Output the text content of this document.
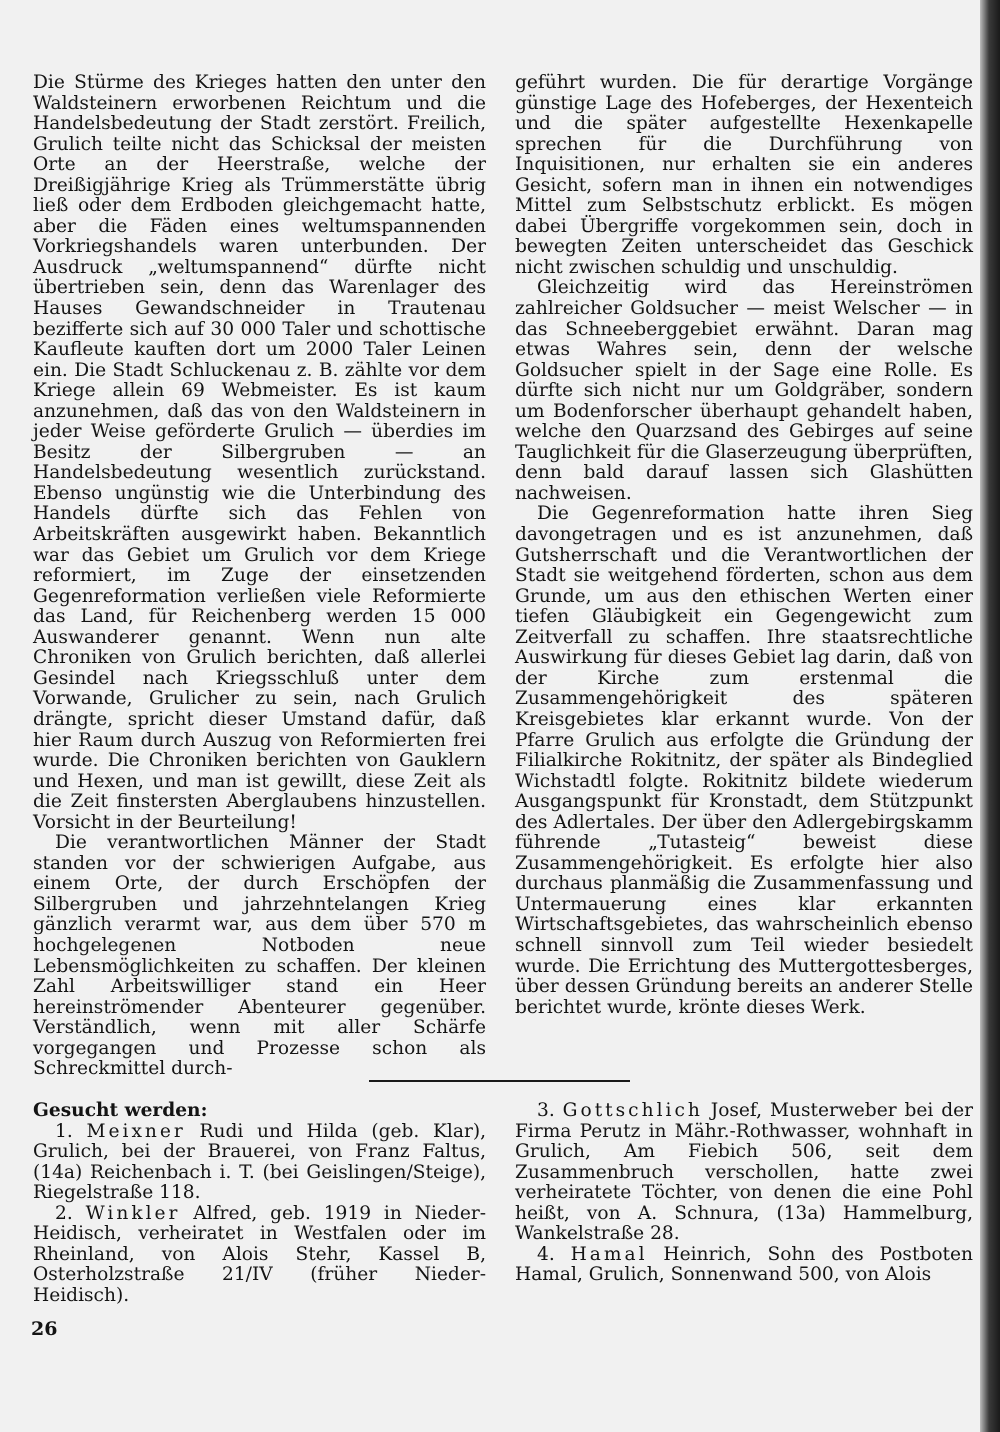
Die Stürme des Krieges hatten den unter den Waldsteinern erworbenen Reichtum und die Handelsbedeutung der Stadt zerstört. Freilich, Grulich teilte nicht das Schicksal der meisten Orte an der Heerstraße, welche der Dreißigjährige Krieg als Trümmerstätte übrig ließ oder dem Erdboden gleichgemacht hatte, aber die Fäden eines weltumspannenden Vorkriegshandels waren unterbunden. Der Ausdruck „weltumspannend“ dürfte nicht übertrieben sein, denn das Warenlager des Hauses Gewandschneider in Trautenau bezifferte sich auf 30 000 Taler und schottische Kaufleute kauften dort um 2000 Taler Leinen ein. Die Stadt Schluckenau z. B. zählte vor dem Kriege allein 69 Webmeister. Es ist kaum anzunehmen, daß das von den Waldsteinern in jeder Weise geförderte Grulich — überdies im Besitz der Silbergruben — an Handelsbedeutung wesentlich zurückstand. Ebenso ungünstig wie die Unterbindung des Handels dürfte sich das Fehlen von Arbeitskräften ausgewirkt haben. Bekanntlich war das Gebiet um Grulich vor dem Kriege reformiert, im Zuge der einsetzenden Gegenreformation verließen viele Reformierte das Land, für Reichenberg werden 15 000 Auswanderer genannt. Wenn nun alte Chroniken von Grulich berichten, daß allerlei Gesindel nach Kriegsschluß unter dem Vorwande, Grulicher zu sein, nach Grulich drängte, spricht dieser Umstand dafür, daß hier Raum durch Auszug von Reformierten frei wurde. Die Chroniken berichten von Gauklern und Hexen, und man ist gewillt, diese Zeit als die Zeit finstersten Aberglaubens hinzustellen. Vorsicht in der Beurteilung!

Die verantwortlichen Männer der Stadt standen vor der schwierigen Aufgabe, aus einem Orte, der durch Erschöpfen der Silbergruben und jahrzehntelangen Krieg gänzlich verarmt war, aus dem über 570 m hochgelegenen Notboden neue Lebensmöglichkeiten zu schaffen. Der kleinen Zahl Arbeitswilliger stand ein Heer hereinströmender Abenteurer gegenüber. Verständlich, wenn mit aller Schärfe vorgegangen und Prozesse schon als Schreckmittel durch-

geführt wurden. Die für derartige Vorgänge günstige Lage des Hofeberges, der Hexenteich und die später aufgestellte Hexenkapelle sprechen für die Durchführung von Inquisitionen, nur erhalten sie ein anderes Gesicht, sofern man in ihnen ein notwendiges Mittel zum Selbstschutz erblickt. Es mögen dabei Übergriffe vorgekommen sein, doch in bewegten Zeiten unterscheidet das Geschick nicht zwischen schuldig und unschuldig.

Gleichzeitig wird das Hereinströmen zahlreicher Goldsucher — meist Welscher — in das Schneeberggebiet erwähnt. Daran mag etwas Wahres sein, denn der welsche Goldsucher spielt in der Sage eine Rolle. Es dürfte sich nicht nur um Goldgräber, sondern um Bodenforscher überhaupt gehandelt haben, welche den Quarzsand des Gebirges auf seine Tauglichkeit für die Glaserzeugung überprüften, denn bald darauf lassen sich Glashütten nachweisen.

Die Gegenreformation hatte ihren Sieg davongetragen und es ist anzunehmen, daß Gutsherrschaft und die Verantwortlichen der Stadt sie weitgehend förderten, schon aus dem Grunde, um aus den ethischen Werten einer tiefen Gläubigkeit ein Gegengewicht zum Zeitverfall zu schaffen. Ihre staatsrechtliche Auswirkung für dieses Gebiet lag darin, daß von der Kirche zum erstenmal die Zusammengehörigkeit des späteren Kreisgebietes klar erkannt wurde. Von der Pfarre Grulich aus erfolgte die Gründung der Filialkirche Rokitnitz, der später als Bindeglied Wichstadtl folgte. Rokitnitz bildete wiederum Ausgangspunkt für Kronstadt, dem Stützpunkt des Adlertales. Der über den Adlergebirgskamm führende „Tutasteig“ beweist diese Zusammengehörigkeit. Es erfolgte hier also durchaus planmäßig die Zusammenfassung und Untermauerung eines klar erkannten Wirtschaftsgebietes, das wahrscheinlich ebenso schnell sinnvoll zum Teil wieder besiedelt wurde. Die Errichtung des Muttergottesberges, über dessen Gründung bereits an anderer Stelle berichtet wurde, krönte dieses Werk.

Gesucht werden:

1. Meixner Rudi und Hilda (geb. Klar), Grulich, bei der Brauerei, von Franz Faltus, (14a) Reichenbach i. T. (bei Geislingen/Steige), Riegelstraße 118.

2. Winkler Alfred, geb. 1919 in Nieder-Heidisch, verheiratet in Westfalen oder im Rheinland, von Alois Stehr, Kassel B, Osterholzstraße 21/IV (früher Nieder-Heidisch).

3. Gottschlich Josef, Musterweber bei der Firma Perutz in Mähr.-Rothwasser, wohnhaft in Grulich, Am Fiebich 506, seit dem Zusammenbruch verschollen, hatte zwei verheiratete Töchter, von denen die eine Pohl heißt, von A. Schnura, (13a) Hammelburg, Wankelstraße 28.

4. Hamal Heinrich, Sohn des Postboten Hamal, Grulich, Sonnenwand 500, von Alois

26
